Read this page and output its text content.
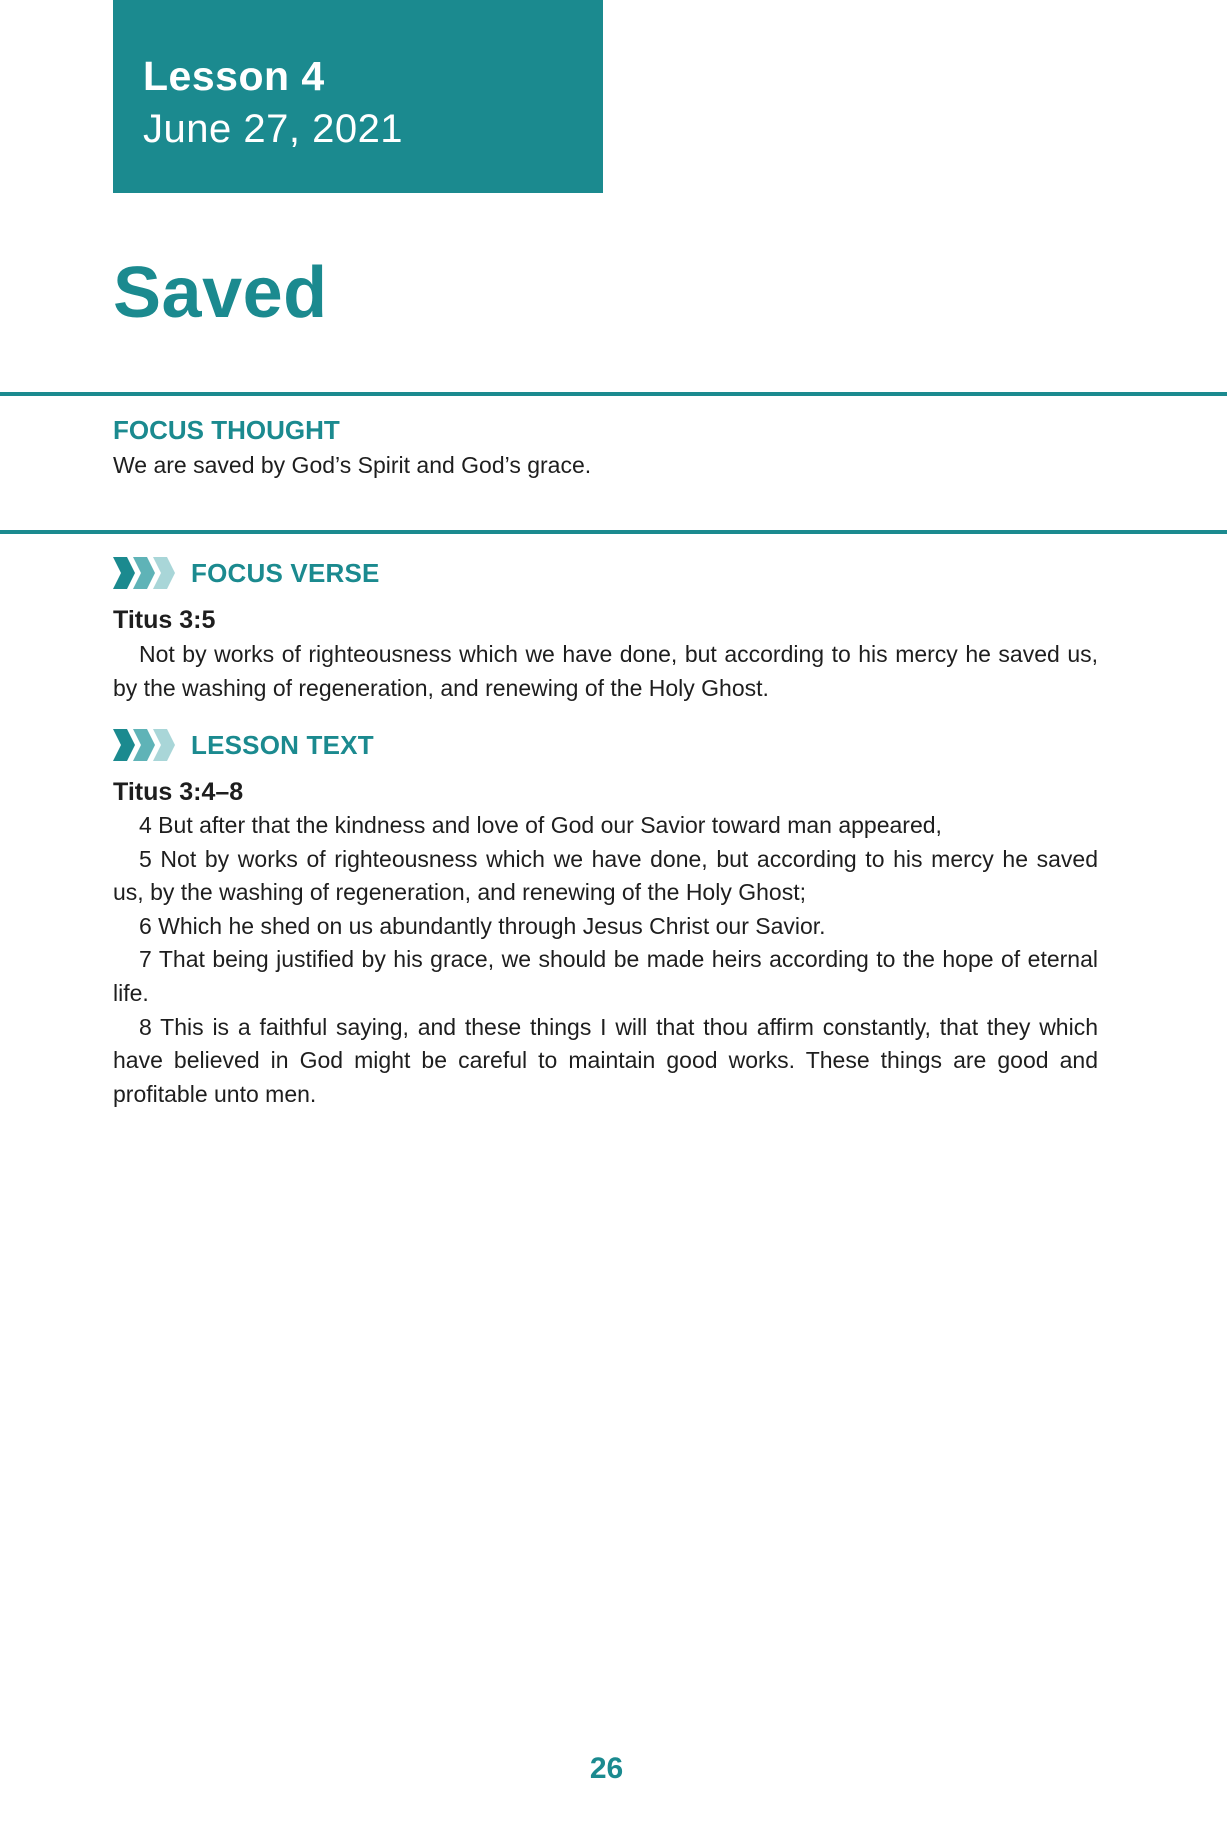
Lesson 4
June 27, 2021
Saved
FOCUS THOUGHT
We are saved by God’s Spirit and God’s grace.
FOCUS VERSE
Titus 3:5

Not by works of righteousness which we have done, but according to his mercy he saved us, by the washing of regeneration, and renewing of the Holy Ghost.

LESSON TEXT
Titus 3:4–8

4 But after that the kindness and love of God our Savior toward man appeared,

5 Not by works of righteousness which we have done, but according to his mercy he saved us, by the washing of regeneration, and renewing of the Holy Ghost;

6 Which he shed on us abundantly through Jesus Christ our Savior.

7 That being justified by his grace, we should be made heirs according to the hope of eternal life.

8 This is a faithful saying, and these things I will that thou affirm constantly, that they which have believed in God might be careful to maintain good works. These things are good and profitable unto men.

26
